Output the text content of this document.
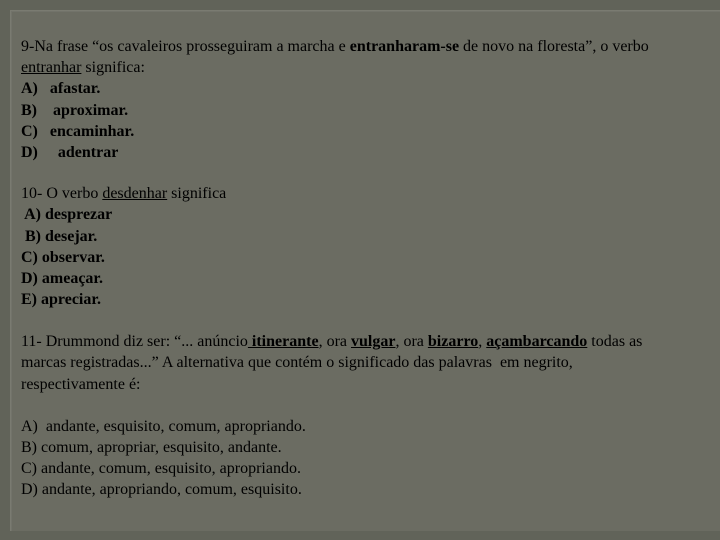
9-Na frase “os cavaleiros prosseguiram a marcha e entranharam-se de novo na floresta”, o verbo
entranhar significa:
A)   afastar.
B)    aproximar.
C)   encaminhar.
D)     adentrar
10- O verbo desdenhar significa
A) desprezar
B) desejar.
C) observar.
D) ameaçar.
E) apreciar.
11- Drummond diz ser: “... anúncio itinerante, ora vulgar, ora bizarro, açambarcando todas as
marcas registradas...” A alternativa que contém o significado das palavras  em negrito,
respectivamente é:
A)  andante, esquisito, comum, apropriando.
B) comum, apropriar, esquisito, andante.
C) andante, comum, esquisito, apropriando.
D) andante, apropriando, comum, esquisito.
